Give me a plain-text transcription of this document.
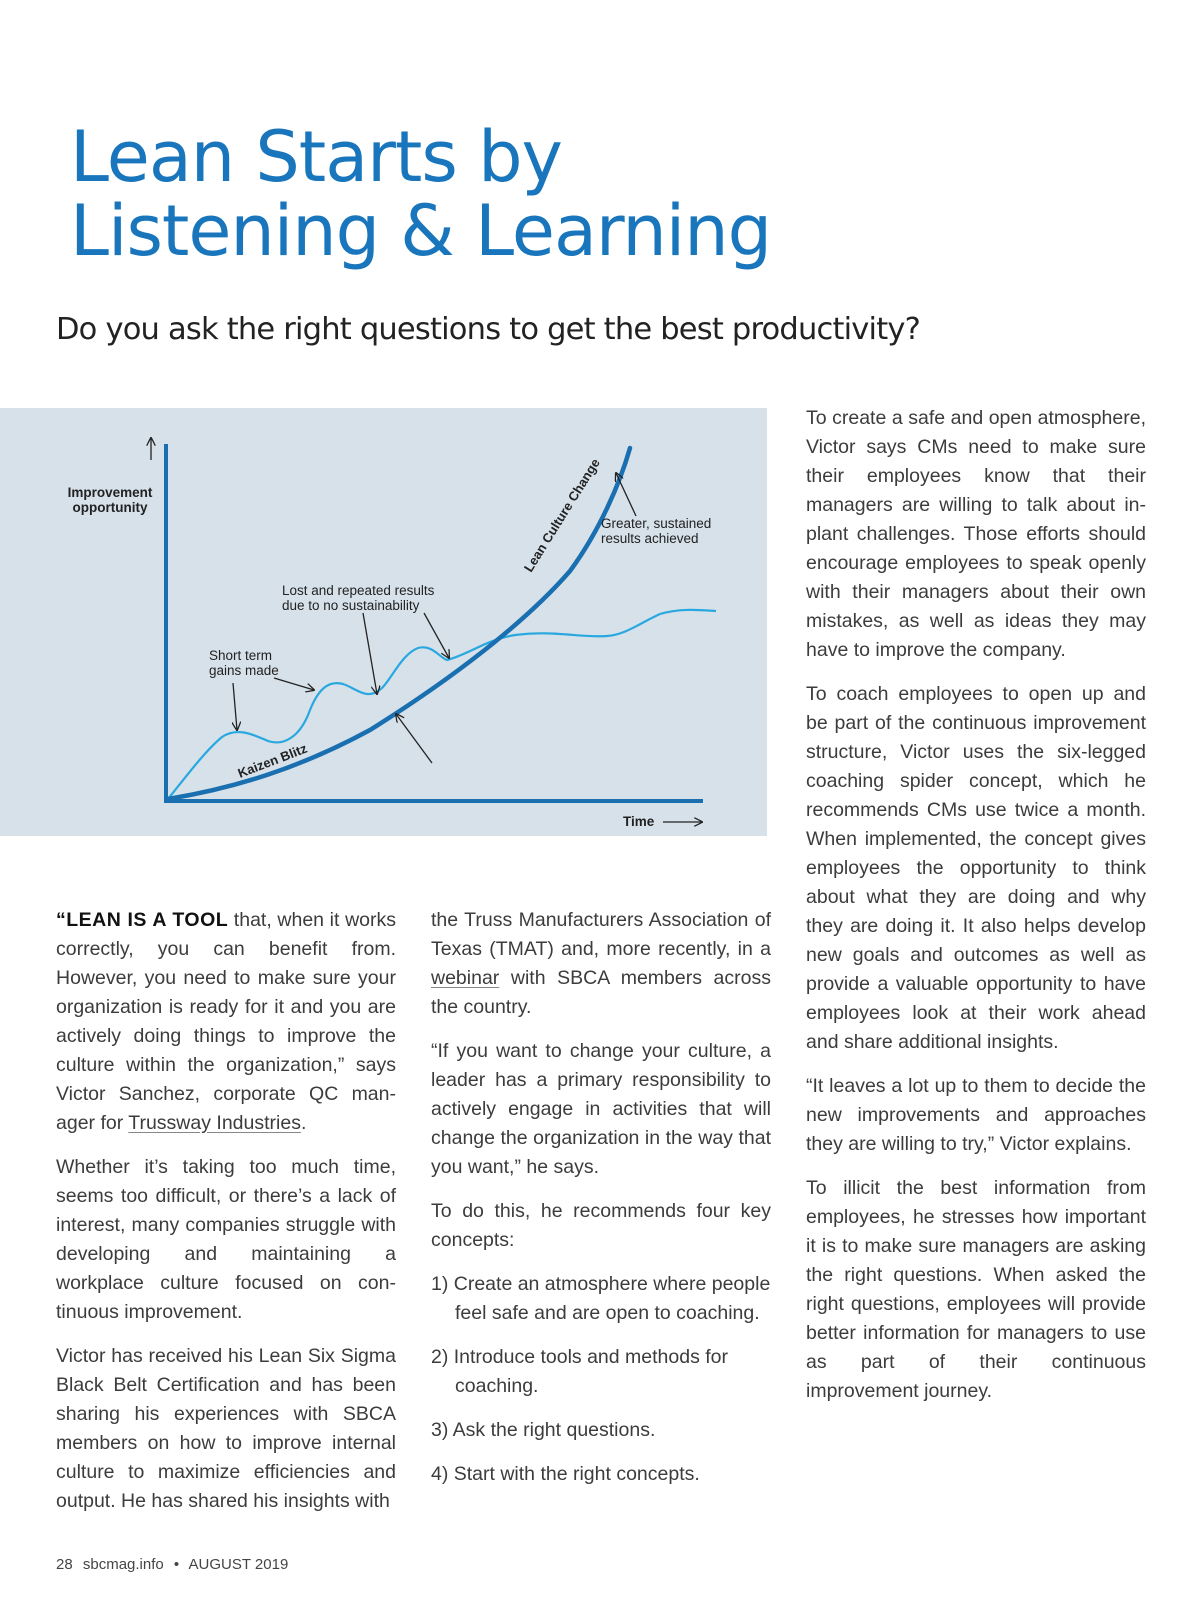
Lean Starts by
Listening & Learning
Do you ask the right questions to get the best productivity?
Improvement
opportunity
Time
Kaizen Blitz
Lean Culture Change
Short term
gains made
Lost and repeated results
due to no sustainability
Greater, sustained
results achieved

“LEAN IS A TOOL that, when it works correctly, you can benefit from. However, you need to make sure your organization is ready for it and you are actively doing things to improve the culture within the organization,” says Victor Sanchez, corporate QC manager for Trussway Industries.

Whether it’s taking too much time, seems too difficult, or there’s a lack of interest, many companies struggle with developing and maintaining a workplace culture focused on continuous improvement.

Victor has received his Lean Six Sigma Black Belt Certification and has been sharing his experiences with SBCA members on how to improve internal culture to maximize efficiencies and output. He has shared his insights with

the Truss Manufacturers Association of Texas (TMAT) and, more recently, in a webinar with SBCA members across the country.

“If you want to change your culture, a leader has a primary responsibility to actively engage in activities that will change the organization in the way that you want,” he says.

To do this, he recommends four key concepts:

1) Create an atmosphere where people feel safe and are open to coaching.
2) Introduce tools and methods for coaching.
3) Ask the right questions.
4) Start with the right concepts.

To create a safe and open atmosphere, Victor says CMs need to make sure their employees know that their managers are willing to talk about inplant challenges. Those efforts should encourage employees to speak openly with their managers about their own mistakes, as well as ideas they may have to improve the company.

To coach employees to open up and be part of the continuous improvement structure, Victor uses the six-legged coaching spider concept, which he recommends CMs use twice a month. When implemented, the concept gives employees the opportunity to think about what they are doing and why they are doing it. It also helps develop new goals and outcomes as well as provide a valuable opportunity to have employees look at their work ahead and share additional insights.

“It leaves a lot up to them to decide the new improvements and approaches they are willing to try,” Victor explains.

To illicit the best information from employees, he stresses how important it is to make sure managers are asking the right questions. When asked the right questions, employees will provide better information for managers to use as part of their continuous improvement journey.

28 sbcmag.info • AUGUST 2019
